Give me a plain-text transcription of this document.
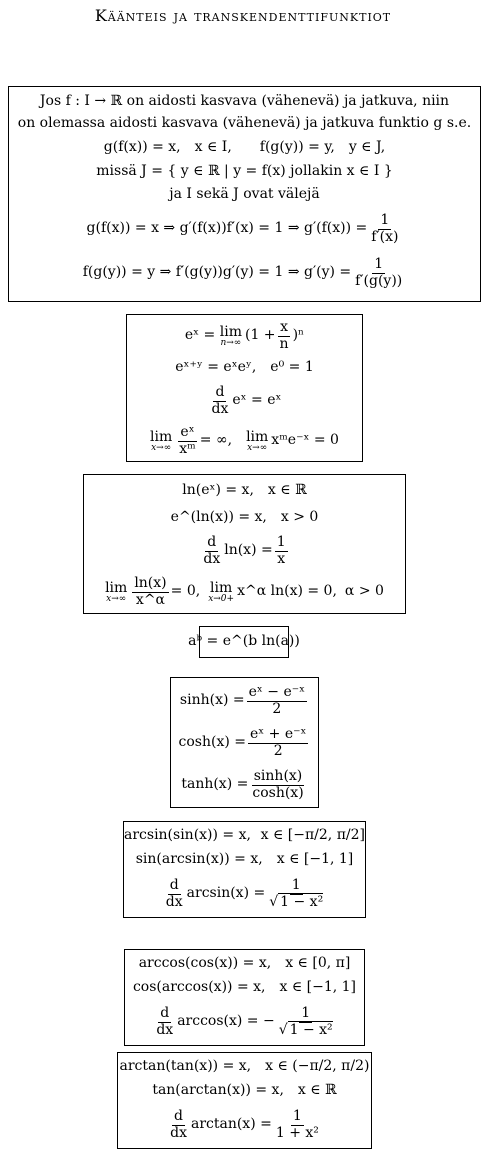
Käänteis ja transkendenttifunktiot
Jos f : I → ℝ on aidosti kasvava (vähenevä) ja jatkuva, niin
on olemassa aidosti kasvava (vähenevä) ja jatkuva funktio g s.e.
g(f(x)) = x, x ∈ I, f(g(y)) = y, y ∈ J,
missä J = { y ∈ ℝ | y = f(x) jollakin x ∈ I }
ja I sekä J ovat välejä
g(f(x)) = x ⇒ g′(f(x))f′(x) = 1 ⇒ $g'(f(x)) = \frac{1}{f'(x)}$
f(g(y)) = y ⇒ f′(g(y))g′(y) = 1 ⇒ $g'(y) = \frac{1}{f'(g(y))}$
eˣ =
lim
n→∞ $(1 + \frac{x}{n} )^n$
eˣ⁺ʸ = eˣeʸ, e⁰ = 1
$\frac{d}{dx}$ eˣ = eˣ
lim
$x\to\infty \frac{\text{eˣ}}{\text{xᵐ}}$ = ∞, lim
x→∞ xᵐe⁻ˣ = 0
ln(eˣ) = x, x ∈ ℝ
e^(ln(x)) = x, x > 0
$\frac{d}{dx} \ln(x) = \frac{1}{x}$
lim
$x\to\infty \frac{\ln(x)}{x\^{}\alpha} = 0$, lim
x→0+ x^α ln(x) = 0, α > 0
aᵇ = e^(b ln(a))
$\sinh(x) = \frac{\text{eˣ − e⁻ˣ}}{2}$
$\cosh(x) = \frac{\text{eˣ + e⁻ˣ}}{2}$
$\tanh(x) = \frac{\sinh(x)}{\cosh(x)}$
arcsin(sin(x)) = x, x ∈ [−π/2, π/2]
sin(arcsin(x)) = x, x ∈ [−1, 1]
$\frac{d}{dx} \arcsin(x) = \frac{1}{\text{√ 1 − x²}}$
arccos(cos(x)) = x, x ∈ [0, π]
cos(arccos(x)) = x, x ∈ [−1, 1]
$\frac{d}{dx} \arccos(x)$ = − $\frac{1}{\text{√ 1 − x²}}$
arctan(tan(x)) = x, x ∈ (−π/2, π/2)
tan(arctan(x)) = x, x ∈ ℝ
$\frac{d}{dx} \arctan(x) = \frac{1}{\text{1 + x²}}$
